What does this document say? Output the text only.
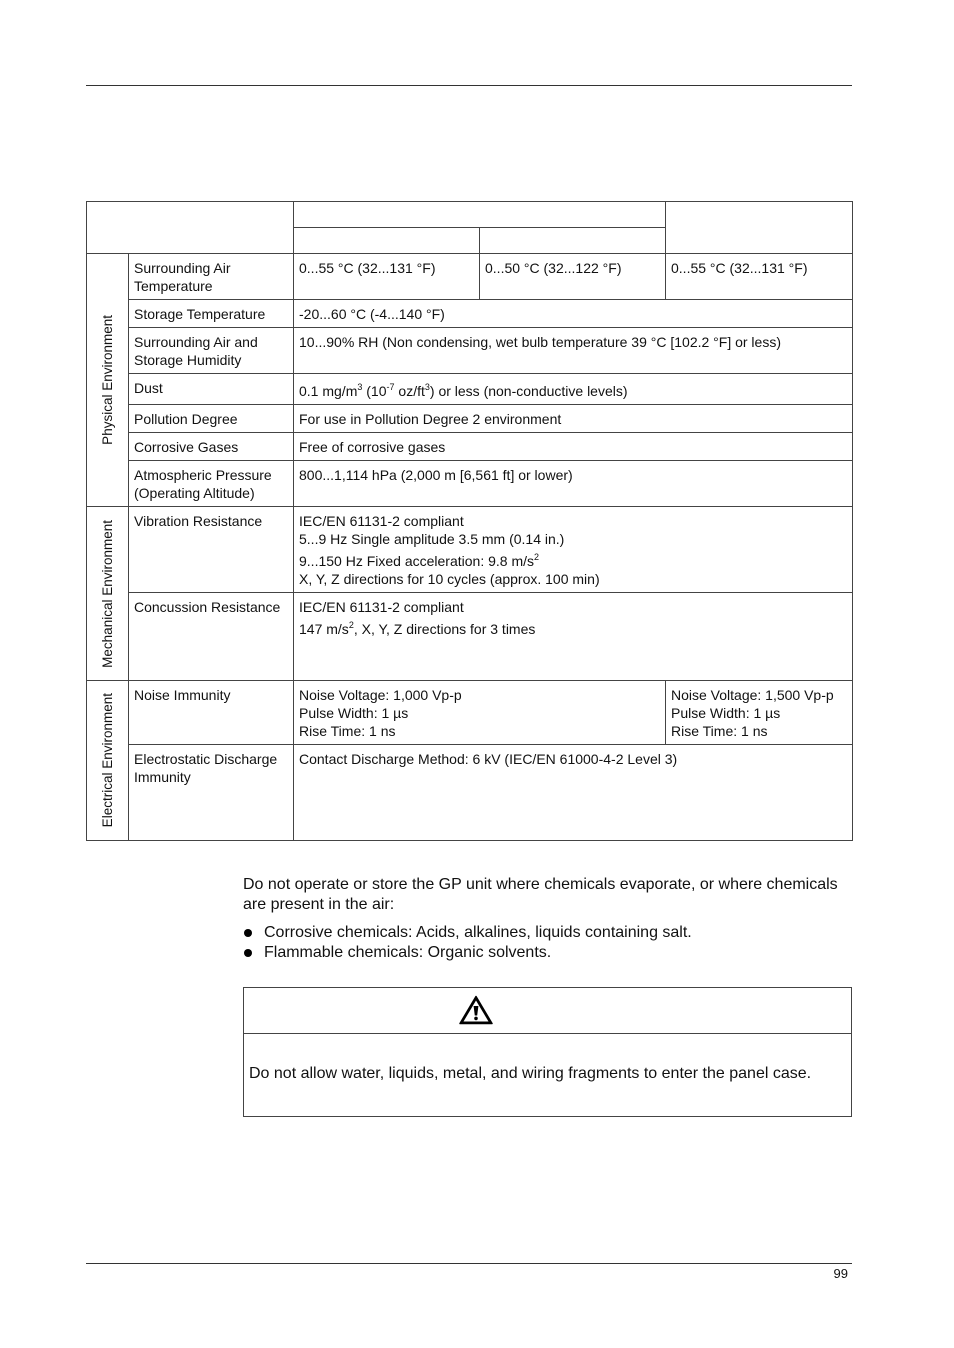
Physical Environment	Surrounding Air Temperature	0...55 °C (32...131 °F)	0...50 °C (32...122 °F)	0...55 °C (32...131 °F)
	Storage Temperature	-20...60 °C (-4...140 °F)		
	Surrounding Air and Storage Humidity	10...90% RH (Non condensing, wet bulb temperature 39 °C [102.2 °F] or less)		
	Dust	0.1 $mg/m^3$ ($10^{-7}$ $oz/ft^3$) or less (non-conductive levels)		
	Pollution Degree	For use in Pollution Degree 2 environment		
	Corrosive Gases	Free of corrosive gases		
	Atmospheric Pressure (Operating Altitude)	800...1,114 hPa (2,000 m [6,561 ft] or lower)		

Mechanical Environment	Vibration Resistance	IEC/EN 61131-2 compliant
5...9 Hz Single amplitude 3.5 mm (0.14 in.)
9...150 Hz Fixed acceleration: 9.8 $m/s^2$
X, Y, Z directions for 10 cycles (approx. 100 min)		

	Concussion Resistance	IEC/EN 61131-2 compliant
147 $m/s^2$, X, Y, Z directions for 3 times		

Electrical Environment	Noise Immunity	Noise Voltage: 1,000 Vp-p
Pulse Width: 1 µs
Rise Time: 1 ns		Noise Voltage: 1,500 Vp-p
Pulse Width: 1 µs
Rise Time: 1 ns

	Electrostatic Discharge Immunity	Contact Discharge Method: 6 kV (IEC/EN 61000-4-2 Level 3)		

Do not operate or store the GP unit where chemicals evaporate, or where chemicals are present in the air:

Corrosive chemicals: Acids, alkalines, liquids containing salt.
Flammable chemicals: Organic solvents.
Do not allow water, liquids, metal, and wiring fragments to enter the panel case.
99
